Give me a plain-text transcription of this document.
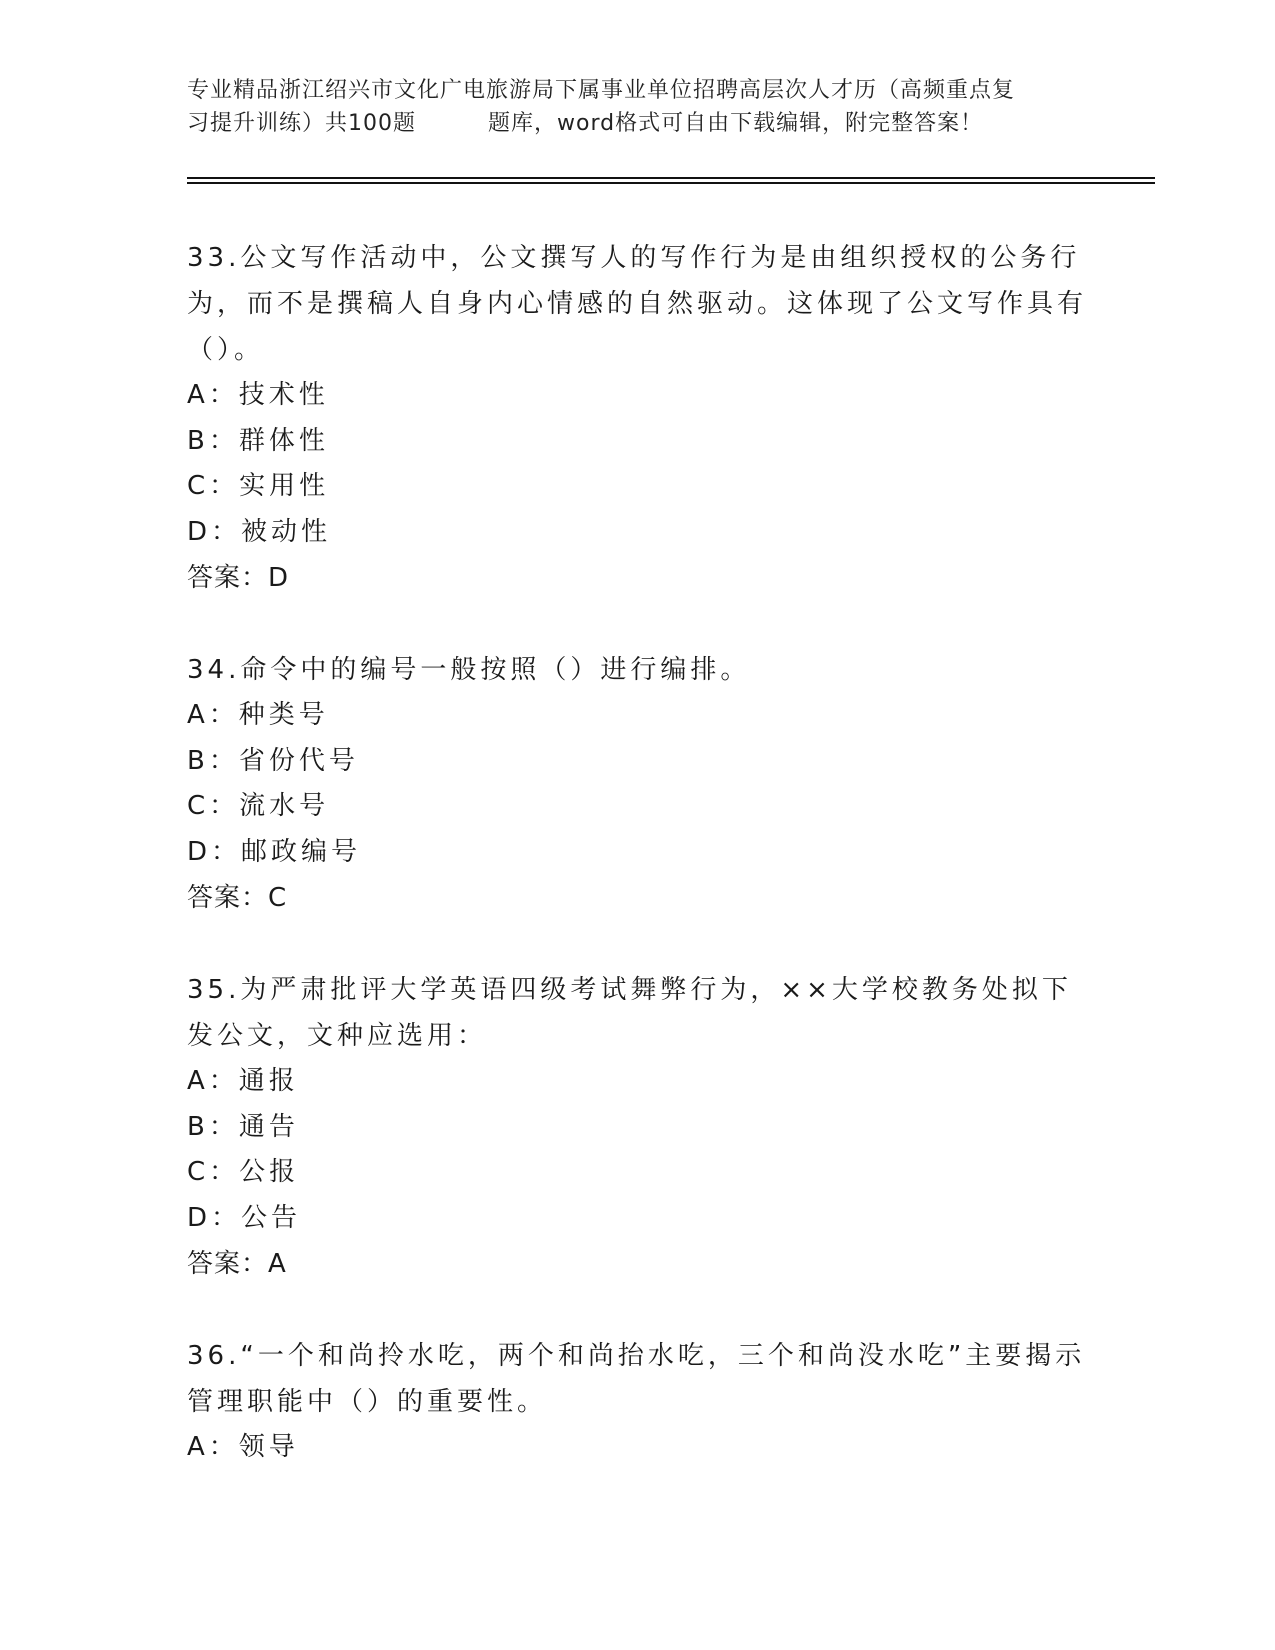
专业精品浙江绍兴市文化广电旅游局下属事业单位招聘高层次人才历（高频重点复
习提升训练）共100题	题库，word格式可自由下载编辑，附完整答案！

33.公文写作活动中，公文撰写人的写作行为是由组织授权的公务行为，而不是撰稿人自身内心情感的自然驱动。这体现了公文写作具有（）。

A：技术性

B：群体性

C：实用性

D：被动性

答案：D

34.命令中的编号一般按照（）进行编排。

A：种类号

B：省份代号

C：流水号

D：邮政编号

答案：C

35.为严肃批评大学英语四级考试舞弊行为，××大学校教务处拟下发公文，文种应选用：

A：通报

B：通告

C：公报

D：公告

答案：A

36.“一个和尚拎水吃，两个和尚抬水吃，三个和尚没水吃”主要揭示管理职能中（）的重要性。

A：领导
